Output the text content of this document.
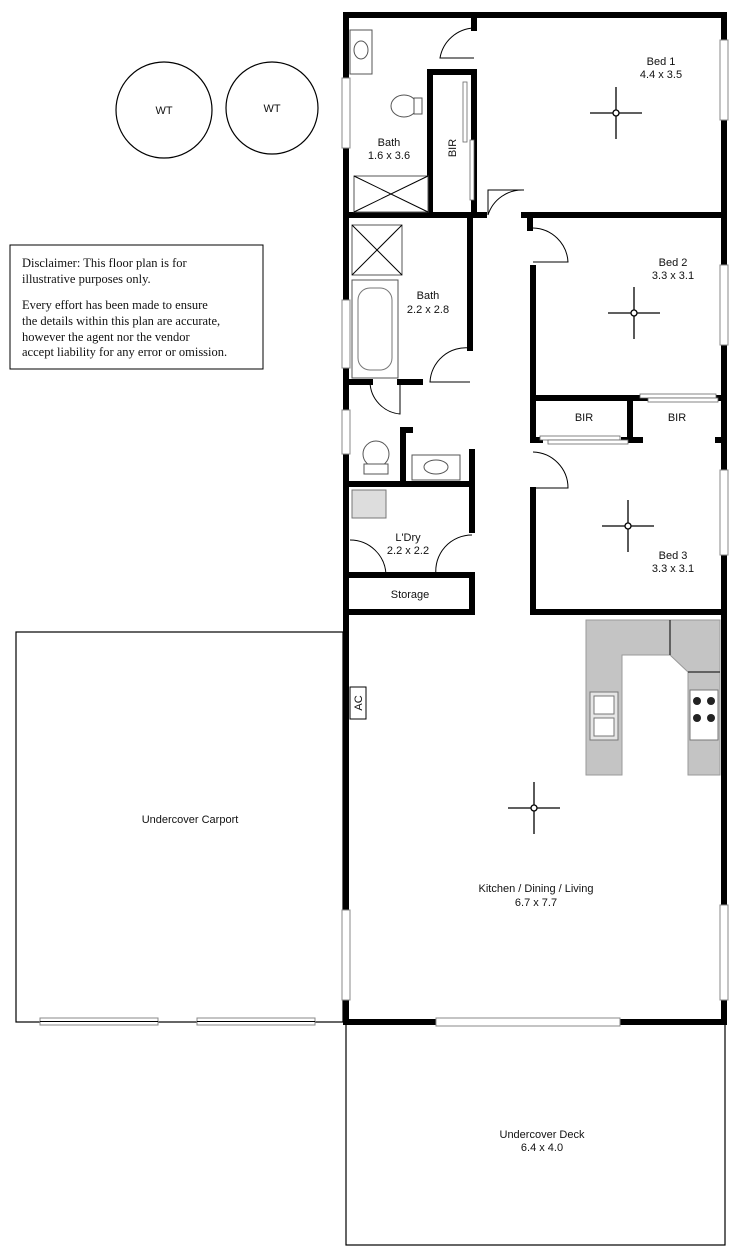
WT	WT
Disclaimer: This floor plan is for
illustrative purposes only.
Every effort has been made to ensure
the details within this plan are accurate,
however the agent nor the vendor
accept liability for any error or omission.
AC
Bed 1
4.4 x 3.5
Bath
1.6 x 3.6	BIR
Bath
2.2 x 2.8
Bed 2
3.3 x 3.1
BIR	BIR
Bed 3
3.3 x 3.1
L'Dry
2.2 x 2.2
Storage
Kitchen / Dining / Living
6.7 x 7.7
Undercover Carport
Undercover Deck
6.4 x 4.0
